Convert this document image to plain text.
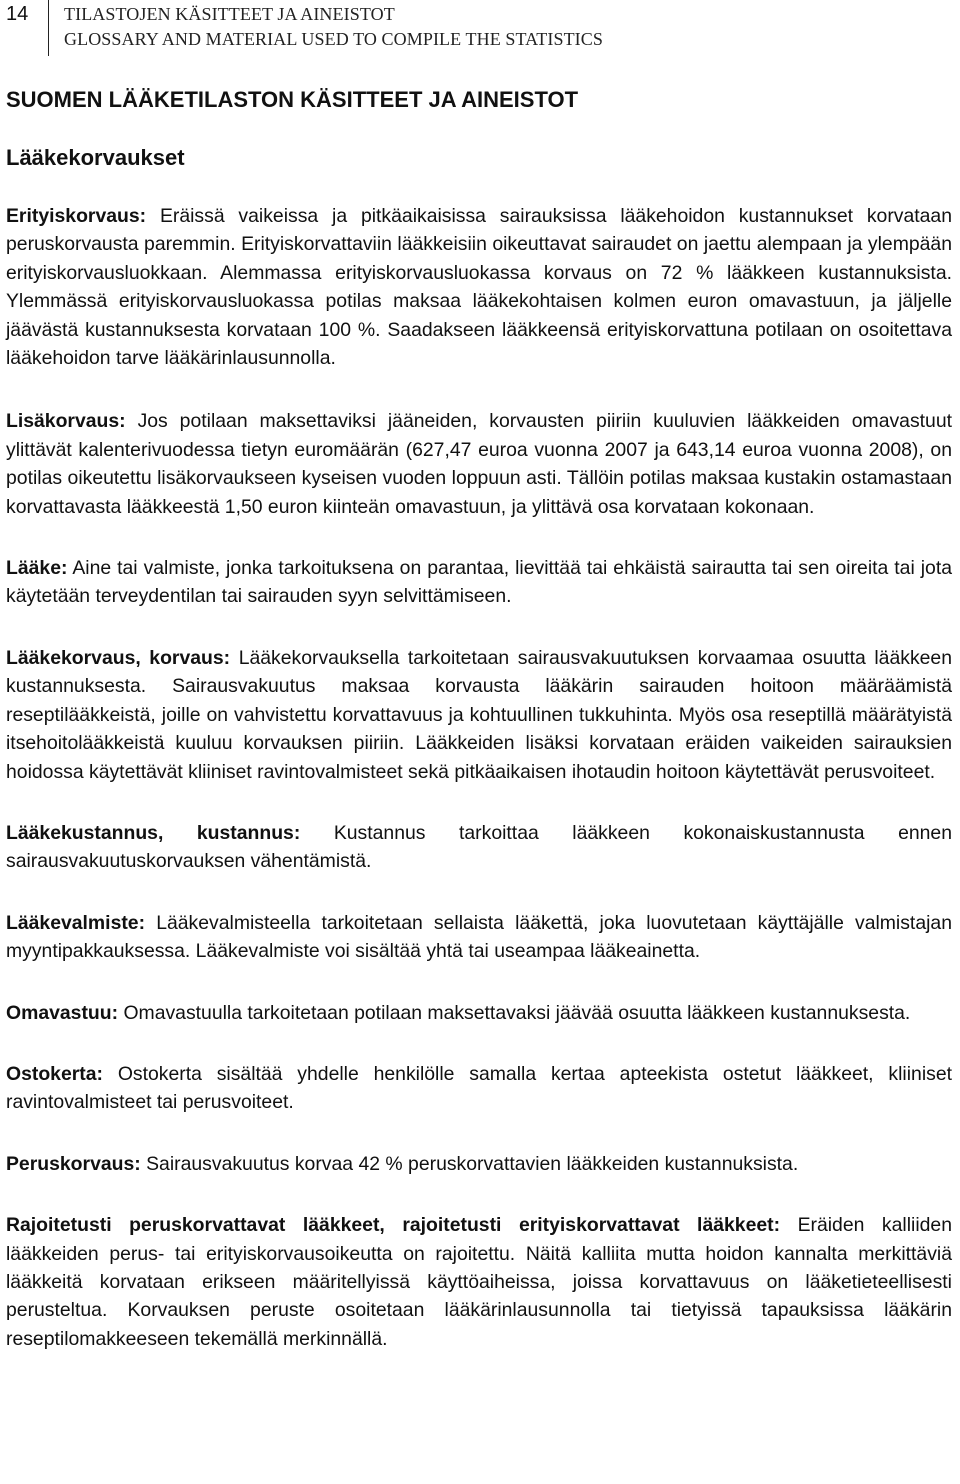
14 TILASTOJEN KÄSITTEET JA AINEISTOT
GLOSSARY AND MATERIAL USED TO COMPILE THE STATISTICS
SUOMEN LÄÄKETILASTON KÄSITTEET JA AINEISTOT
Lääkekorvaukset

Erityiskorvaus: Eräissä vaikeissa ja pitkäaikaisissa sairauksissa lääkehoidon kustannukset korvataan peruskorvausta paremmin. Erityiskorvattaviin lääkkeisiin oikeuttavat sairaudet on jaettu alempaan ja ylempään erityiskorvausluokkaan. Alemmassa erityiskorvausluokassa korvaus on 72 % lääkkeen kustannuksista. Ylemmässä erityiskorvausluokassa potilas maksaa lääkekohtaisen kolmen euron omavastuun, ja jäljelle jäävästä kustannuksesta korvataan 100 %. Saadakseen lääkkeensä erityiskorvattuna potilaan on osoitettava lääkehoidon tarve lääkärinlausunnolla.

Lisäkorvaus: Jos potilaan maksettaviksi jääneiden, korvausten piiriin kuuluvien lääkkeiden omavastuut ylittävät kalenterivuodessa tietyn euromäärän (627,47 euroa vuonna 2007 ja 643,14 euroa vuonna 2008), on potilas oikeutettu lisäkorvaukseen kyseisen vuoden loppuun asti. Tällöin potilas maksaa kustakin ostamastaan korvattavasta lääkkeestä 1,50 euron kiinteän omavastuun, ja ylittävä osa korvataan kokonaan.

Lääke: Aine tai valmiste, jonka tarkoituksena on parantaa, lievittää tai ehkäistä sairautta tai sen oireita tai jota käytetään terveydentilan tai sairauden syyn selvittämiseen.

Lääkekorvaus, korvaus: Lääkekorvauksella tarkoitetaan sairausvakuutuksen korvaamaa osuutta lääkkeen kustannuksesta. Sairausvakuutus maksaa korvausta lääkärin sairauden hoitoon määräämistä reseptilääkkeistä, joille on vahvistettu korvattavuus ja kohtuullinen tukkuhinta. Myös osa reseptillä määrätyistä itsehoitolääkkeistä kuuluu korvauksen piiriin. Lääkkeiden lisäksi korvataan eräiden vaikeiden sairauksien hoidossa käytettävät kliiniset ravintovalmisteet sekä pitkäaikaisen ihotaudin hoitoon käytettävät perusvoiteet.

Lääkekustannus, kustannus: Kustannus tarkoittaa lääkkeen kokonaiskustannusta ennen sairausvakuutuskorvauksen vähentämistä.

Lääkevalmiste: Lääkevalmisteella tarkoitetaan sellaista lääkettä, joka luovutetaan käyttäjälle valmistajan myyntipakkauksessa. Lääkevalmiste voi sisältää yhtä tai useampaa lääkeainetta.

Omavastuu: Omavastuulla tarkoitetaan potilaan maksettavaksi jäävää osuutta lääkkeen kustannuksesta.

Ostokerta: Ostokerta sisältää yhdelle henkilölle samalla kertaa apteekista ostetut lääkkeet, kliiniset ravintovalmisteet tai perusvoiteet.

Peruskorvaus: Sairausvakuutus korvaa 42 % peruskorvattavien lääkkeiden kustannuksista.

Rajoitetusti peruskorvattavat lääkkeet, rajoitetusti erityiskorvattavat lääkkeet: Eräiden kalliiden lääkkeiden perus- tai erityiskorvausoikeutta on rajoitettu. Näitä kalliita mutta hoidon kannalta merkittäviä lääkkeitä korvataan erikseen määritellyissä käyttöaiheissa, joissa korvattavuus on lääketieteellisesti perusteltua. Korvauksen peruste osoitetaan lääkärinlausunnolla tai tietyissä tapauksissa lääkärin reseptilomakkeeseen tekemällä merkinnällä.
